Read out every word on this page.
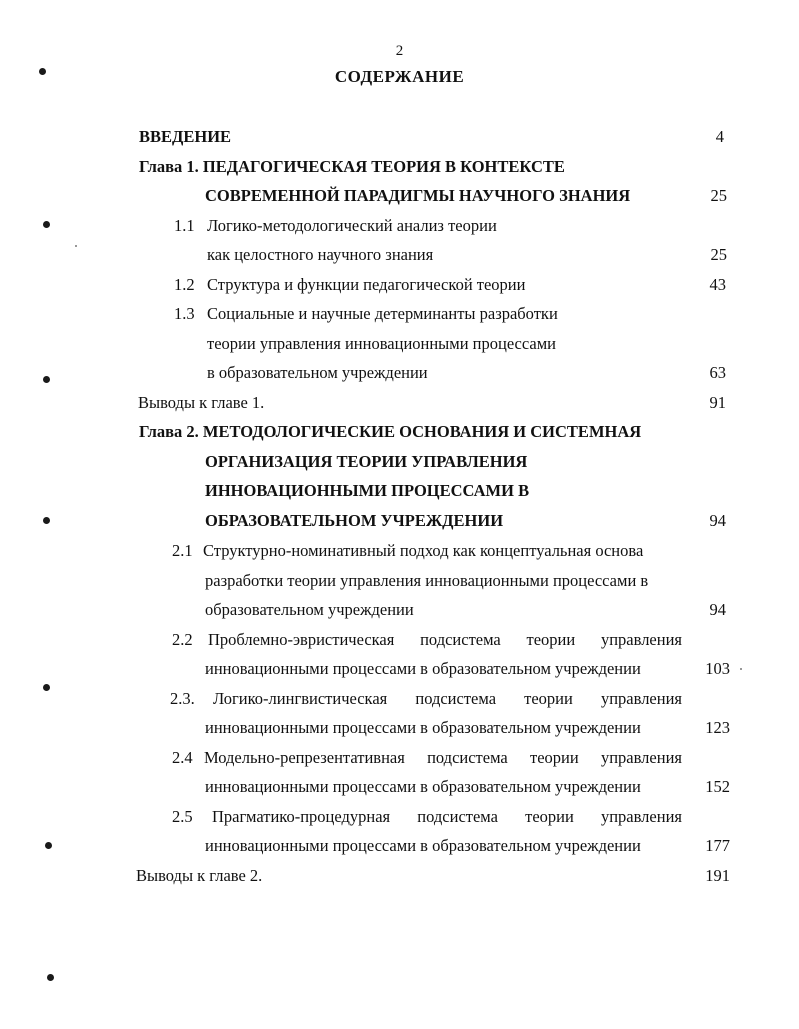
2
СОДЕРЖАНИЕ
ВВЕДЕНИЕ	4
Глава 1. ПЕДАГОГИЧЕСКАЯ ТЕОРИЯ В КОНТЕКСТЕ
СОВРЕМЕННОЙ ПАРАДИГМЫ НАУЧНОГО ЗНАНИЯ	25
1.1 Логико-методологический анализ теории
как целостного научного знания	25
1.2 Структура и функции педагогической теории	43
1.3 Социальные и научные детерминанты разработки
теории управления инновационными процессами
в образовательном учреждении	63
Выводы к главе 1.	91
Глава 2. МЕТОДОЛОГИЧЕСКИЕ ОСНОВАНИЯ И СИСТЕМНАЯ
ОРГАНИЗАЦИЯ ТЕОРИИ УПРАВЛЕНИЯ
ИННОВАЦИОННЫМИ ПРОЦЕССАМИ В
ОБРАЗОВАТЕЛЬНОМ УЧРЕЖДЕНИИ	94
2.1 Структурно-номинативный подход как концептуальная основа
разработки теории управления инновационными процессами в
образовательном учреждении	94
2.2 Проблемно-эвристическая подсистема теории управления
инновационными процессами в образовательном учреждении	103
2.3. Логико-лингвистическая подсистема теории управления
инновационными процессами в образовательном учреждении	123
2.4 Модельно-репрезентативная подсистема теории управления
инновационными процессами в образовательном учреждении	152
2.5 Прагматико-процедурная подсистема теории управления
инновационными процессами в образовательном учреждении	177
Выводы к главе 2.	191
